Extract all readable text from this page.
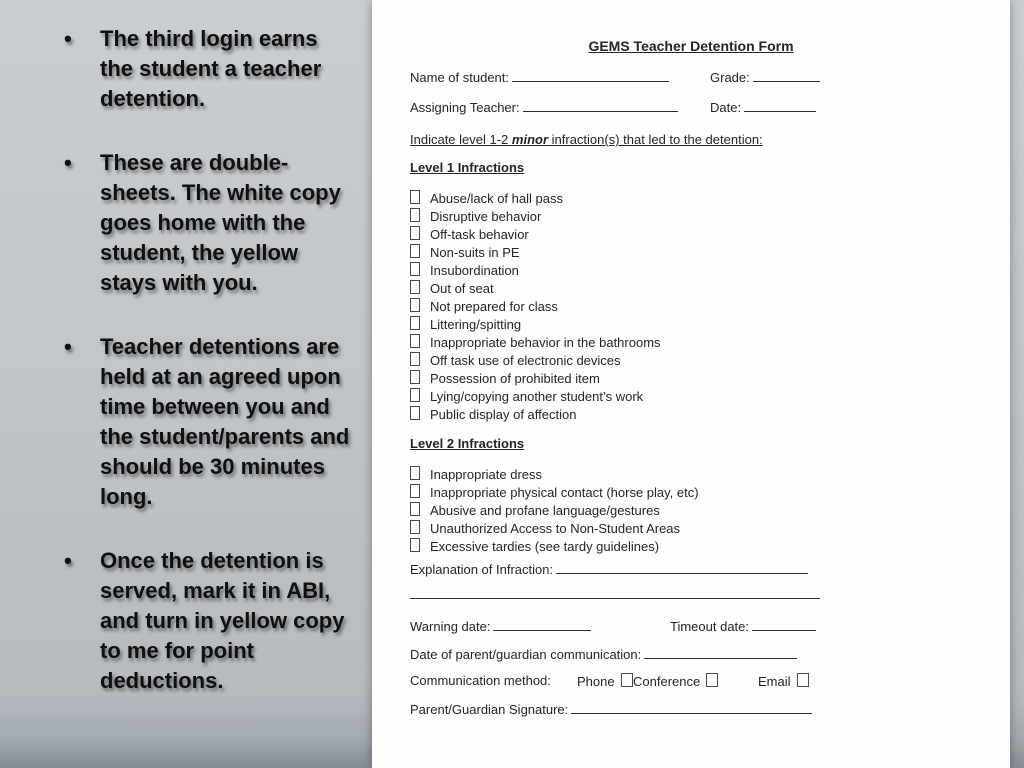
• The third login earns the student a teacher detention.
• These are double-sheets. The white copy goes home with the student, the yellow stays with you.
• Teacher detentions are held at an agreed upon time between you and the student/parents and should be 30 minutes long.
• Once the detention is served, mark it in ABI, and turn in yellow copy to me for point deductions.
GEMS Teacher Detention Form
Name of student:	Grade:
Assigning Teacher:	Date:
Indicate level 1-2 minor infraction(s) that led to the detention:
Level 1 Infractions
Abuse/lack of hall pass
Disruptive behavior
Off-task behavior
Non-suits in PE
Insubordination
Out of seat
Not prepared for class
Littering/spitting
Inappropriate behavior in the bathrooms
Off task use of electronic devices
Possession of prohibited item
Lying/copying another student’s work
Public display of affection
Level 2 Infractions
Inappropriate dress
Inappropriate physical contact (horse play, etc)
Abusive and profane language/gestures
Unauthorized Access to Non-Student Areas
Excessive tardies (see tardy guidelines)
Explanation of Infraction:
Warning date:	Timeout date:
Date of parent/guardian communication:
Communication method: Phone	Conference	Email
Parent/Guardian Signature:
